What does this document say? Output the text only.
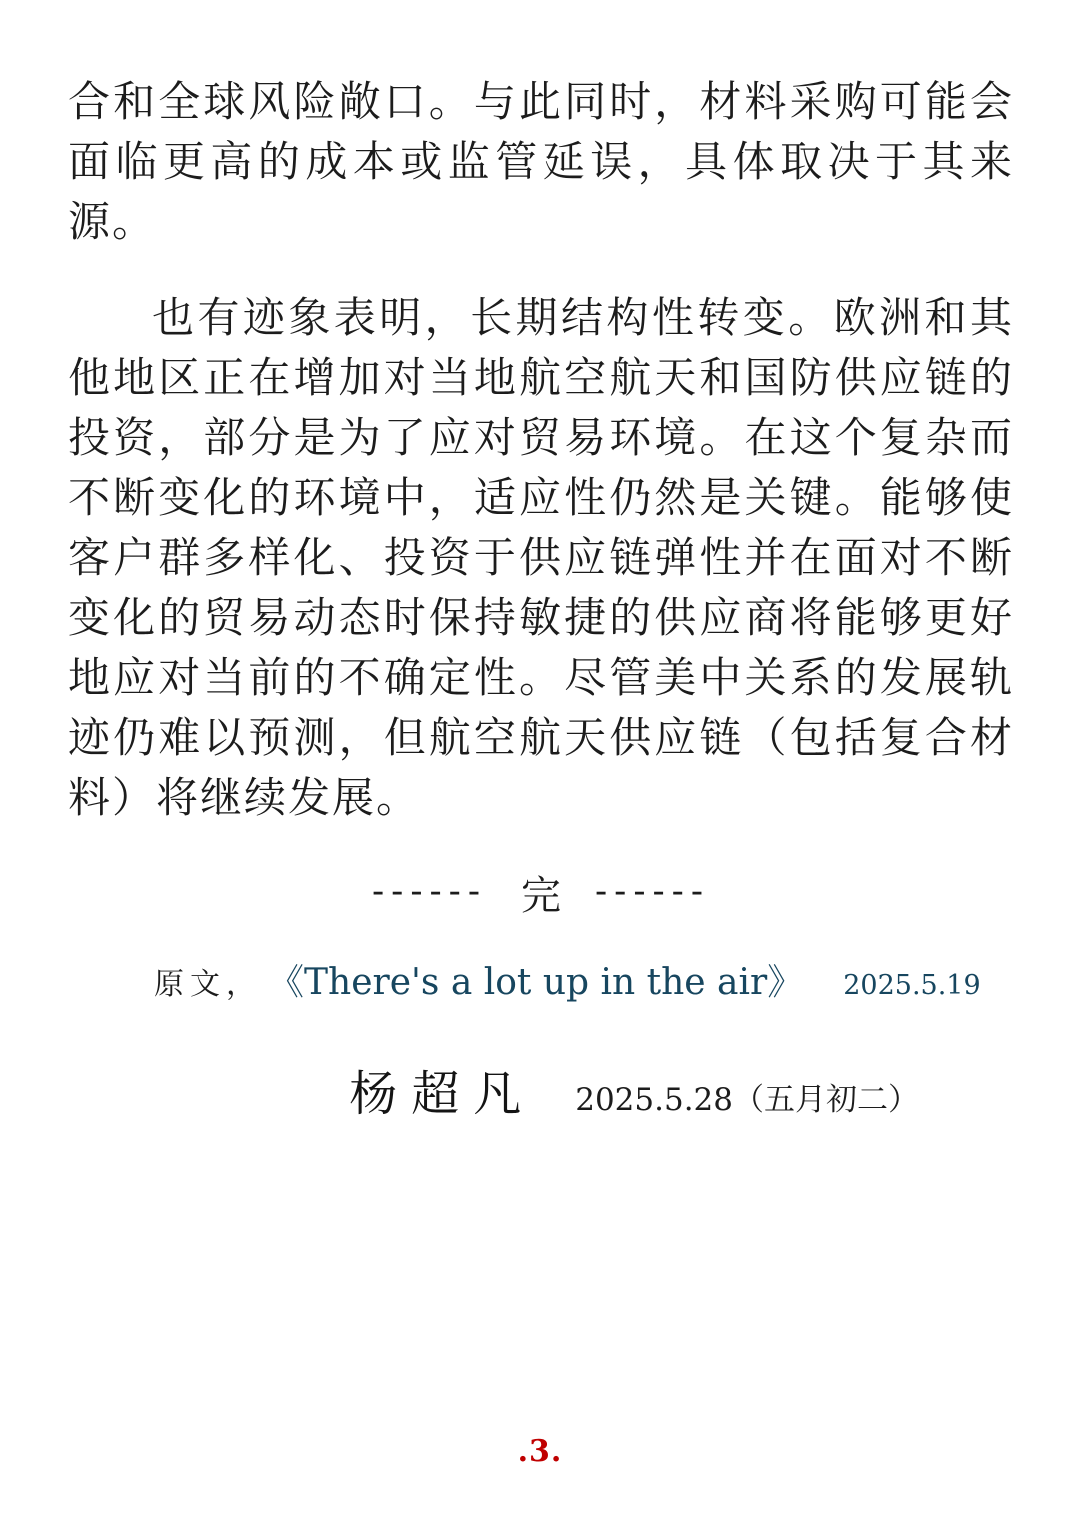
合和全球风险敞口。与此同时，材料采购可能会面临更高的成本或监管延误，具体取决于其来源。

也有迹象表明，长期结构性转变。欧洲和其他地区正在增加对当地航空航天和国防供应链的投资，部分是为了应对贸易环境。在这个复杂而不断变化的环境中，适应性仍然是关键。能够使客户群多样化、投资于供应链弹性并在面对不断变化的贸易动态时保持敏捷的供应商将能够更好地应对当前的不确定性。尽管美中关系的发展轨迹仍难以预测，但航空航天供应链（包括复合材料）将继续发展。

------ 完 ------
原文， 《There's a lot up in the air》 2025.5.19
杨超凡 2025.5.28（五月初二）
.3.
